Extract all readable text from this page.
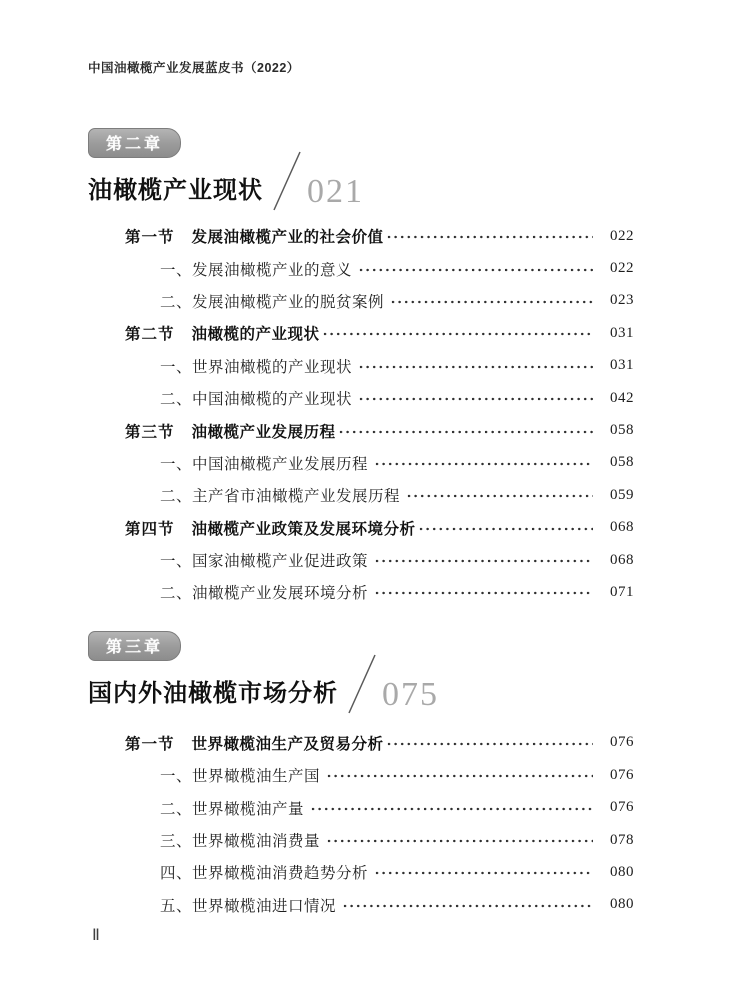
中国油橄榄产业发展蓝皮书（2022）
第二章
油橄榄产业现状 021
第一节 发展油橄榄产业的社会价值	022
一、发展油橄榄产业的意义	022
二、发展油橄榄产业的脱贫案例	023
第二节 油橄榄的产业现状	031
一、世界油橄榄的产业现状	031
二、中国油橄榄的产业现状	042
第三节 油橄榄产业发展历程	058
一、中国油橄榄产业发展历程	058
二、主产省市油橄榄产业发展历程	059
第四节 油橄榄产业政策及发展环境分析	068
一、国家油橄榄产业促进政策	068
二、油橄榄产业发展环境分析	071
第三章
国内外油橄榄市场分析 075
第一节 世界橄榄油生产及贸易分析	076
一、世界橄榄油生产国	076
二、世界橄榄油产量	076
三、世界橄榄油消费量	078
四、世界橄榄油消费趋势分析	080
五、世界橄榄油进口情况	080
Ⅱ
